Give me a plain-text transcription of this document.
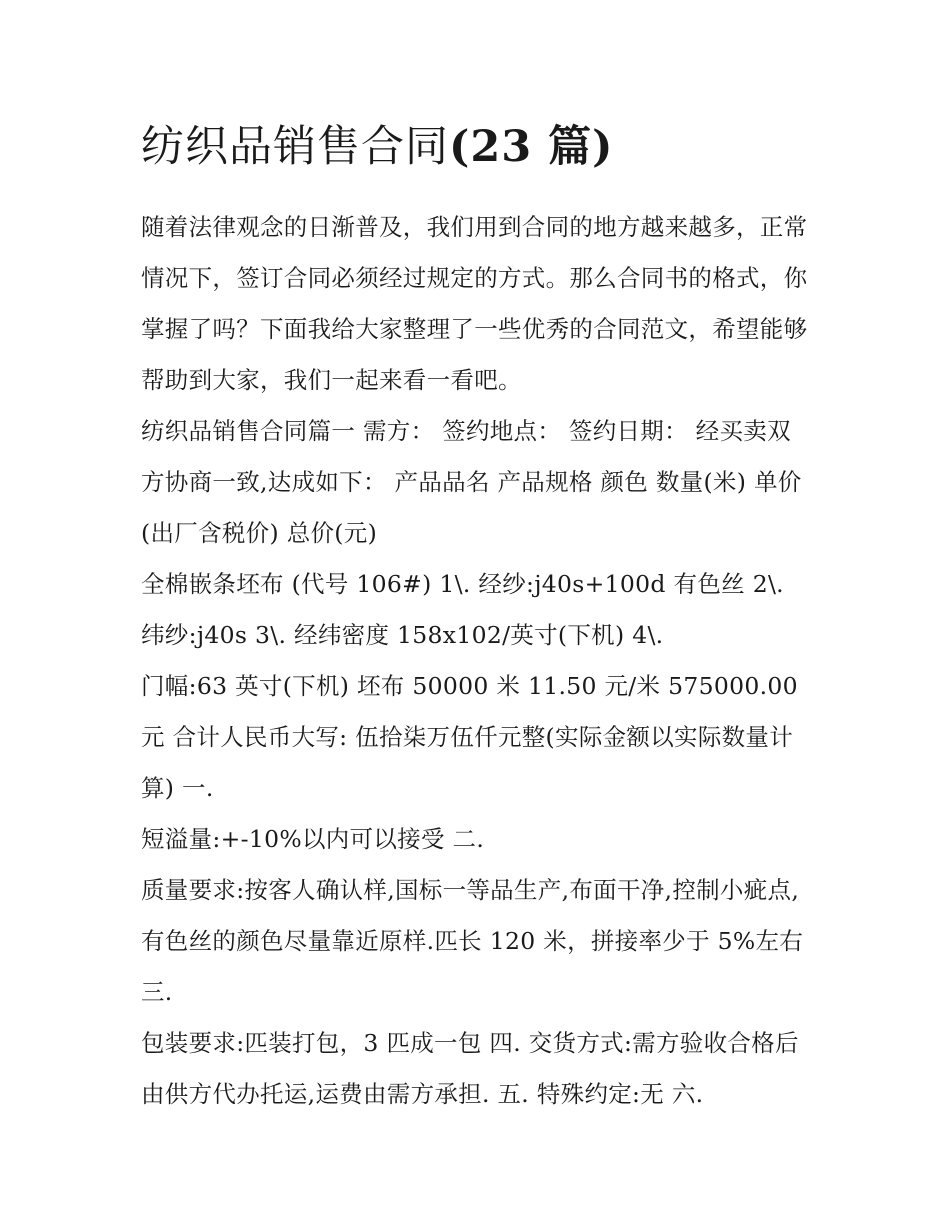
纺织品销售合同(23 篇)

随着法律观念的日渐普及，我们用到合同的地方越来越多，正常情况下，签订合同必须经过规定的方式。那么合同书的格式，你掌握了吗？下面我给大家整理了一些优秀的合同范文，希望能够帮助到大家，我们一起来看一看吧。

纺织品销售合同篇一 需方： 签约地点： 签约日期： 经买卖双方协商一致,达成如下： 产品品名 产品规格 颜色 数量(米) 单价(出厂含税价) 总价(元)

全棉嵌条坯布 (代号 106#) 1\. 经纱:j40s+100d 有色丝 2\. 纬纱:j40s 3\. 经纬密度 158x102/英寸(下机) 4\.

门幅:63 英寸(下机) 坯布 50000 米 11.50 元/米 575000.00 元 合计人民币大写: 伍拾柒万伍仟元整(实际金额以实际数量计算) 一.

短溢量:+-10%以内可以接受 二.

质量要求:按客人确认样,国标一等品生产,布面干净,控制小疵点,有色丝的颜色尽量靠近原样.匹长 120 米，拼接率少于 5%左右 三.

包装要求:匹装打包，3 匹成一包 四. 交货方式:需方验收合格后由供方代办托运,运费由需方承担. 五. 特殊约定:无 六.
